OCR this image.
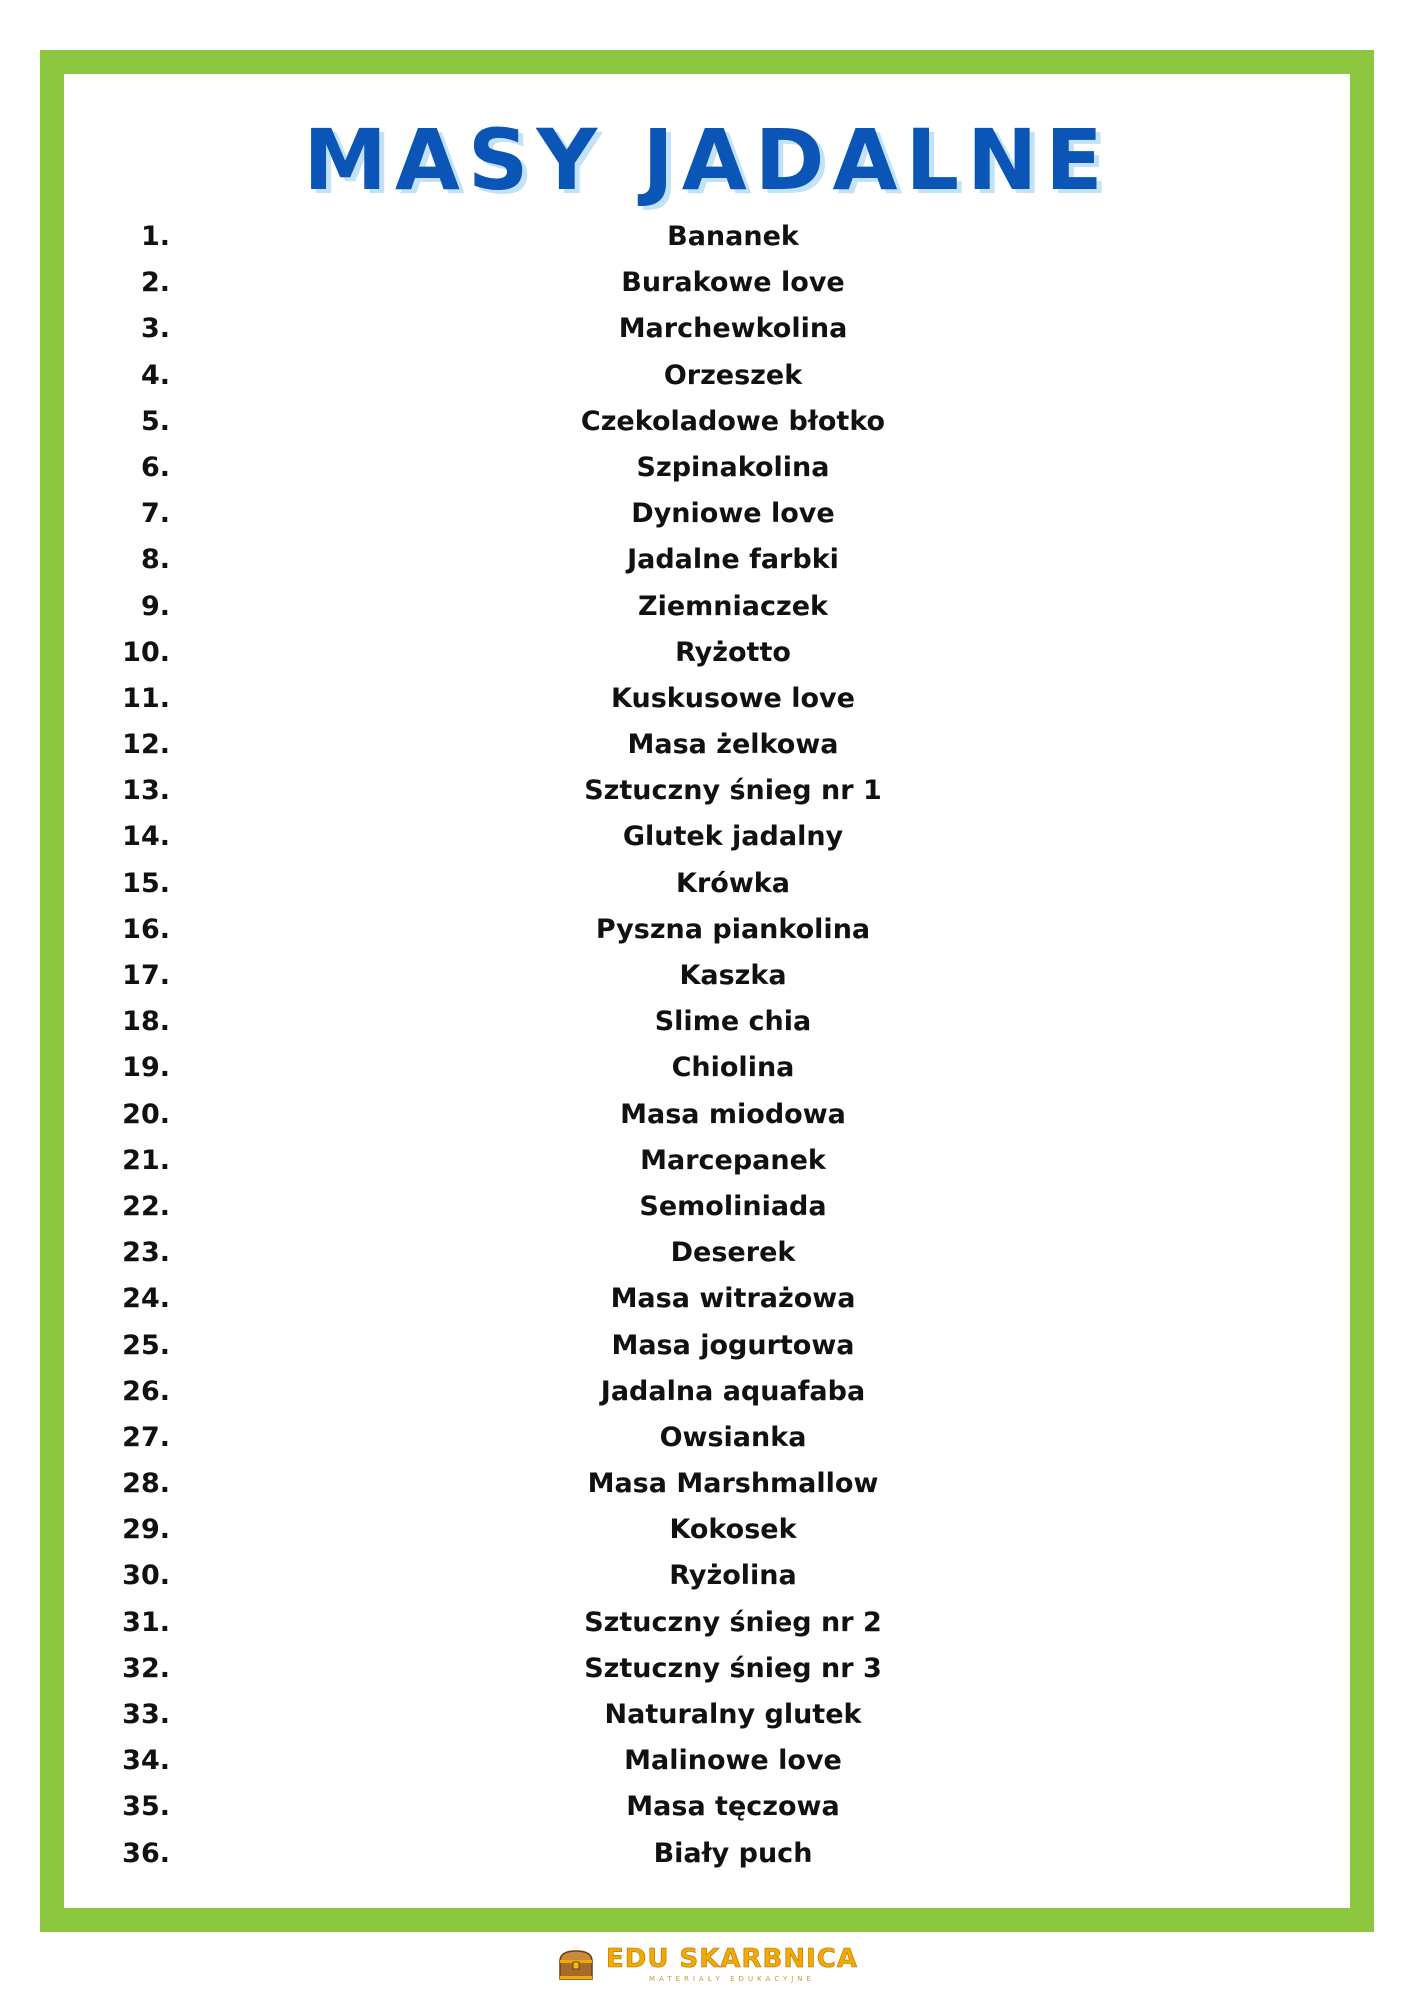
MASY JADALNE
1.	Bananek
2.	Burakowe love
3.	Marchewkolina
4.	Orzeszek
5.	Czekoladowe błotko
6.	Szpinakolina
7.	Dyniowe love
8.	Jadalne farbki
9.	Ziemniaczek
10.	Ryżotto
11.	Kuskusowe love
12.	Masa żelkowa
13.	Sztuczny śnieg nr 1
14.	Glutek jadalny
15.	Krówka
16.	Pyszna piankolina
17.	Kaszka
18.	Slime chia
19.	Chiolina
20.	Masa miodowa
21.	Marcepanek
22.	Semoliniada
23.	Deserek
24.	Masa witrażowa
25.	Masa jogurtowa
26.	Jadalna aquafaba
27.	Owsianka
28.	Masa Marshmallow
29.	Kokosek
30.	Ryżolina
31.	Sztuczny śnieg nr 2
32.	Sztuczny śnieg nr 3
33.	Naturalny glutek
34.	Malinowe love
35.	Masa tęczowa
36.	Biały puch
EDU SKARBNICA
MATERIAŁY EDUKACYJNE
